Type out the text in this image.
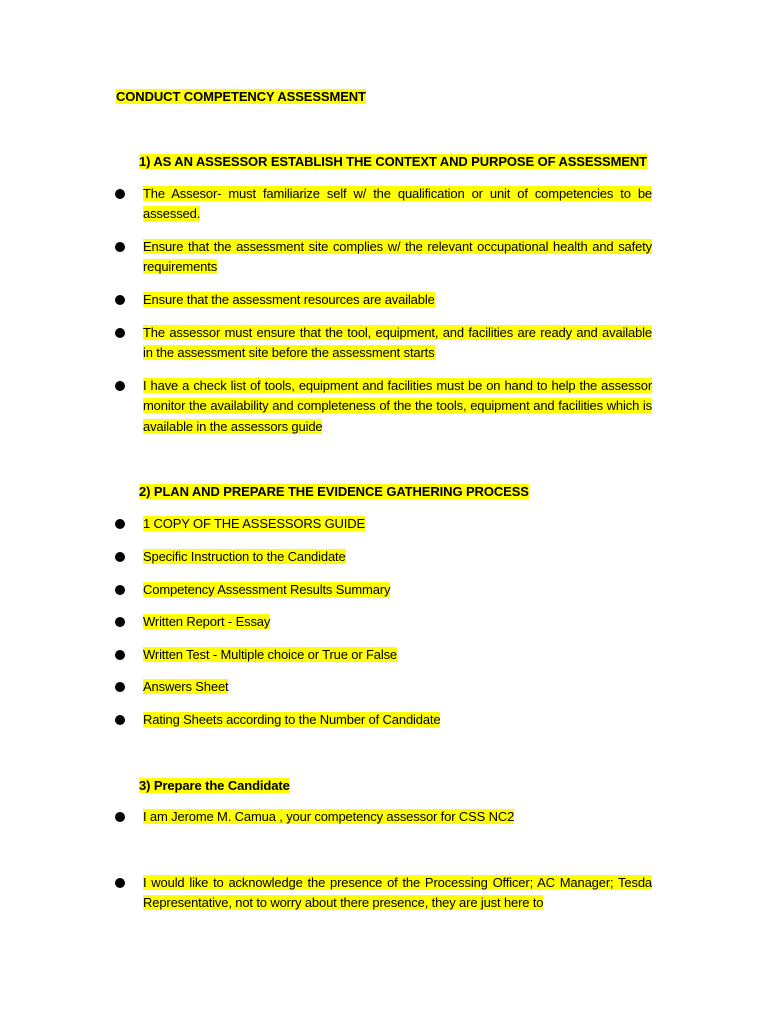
CONDUCT COMPETENCY ASSESSMENT
1) AS AN ASSESSOR ESTABLISH THE CONTEXT AND PURPOSE OF ASSESSMENT
The Assesor- must familiarize self w/ the qualification or unit of competencies to be assessed.
Ensure that the assessment site complies w/ the relevant occupational health and safety requirements
Ensure that the assessment resources are available
The assessor must ensure that the tool, equipment, and facilities are ready and available in the assessment site before the assessment starts
I have a check list of tools, equipment and facilities must be on hand to help the assessor monitor the availability and completeness of the the tools, equipment and facilities which is available in the assessors guide
2) PLAN AND PREPARE THE EVIDENCE GATHERING PROCESS
1 COPY OF THE ASSESSORS GUIDE
Specific Instruction to the Candidate
Competency Assessment Results Summary
Written Report - Essay
Written Test - Multiple choice or True or False
Answers Sheet
Rating Sheets according to the Number of Candidate
3) Prepare the Candidate
I am Jerome M. Camua , your competency assessor for CSS NC2
I would like to acknowledge the presence of the Processing Officer; AC Manager; Tesda Representative, not to worry about there presence, they are just here to
